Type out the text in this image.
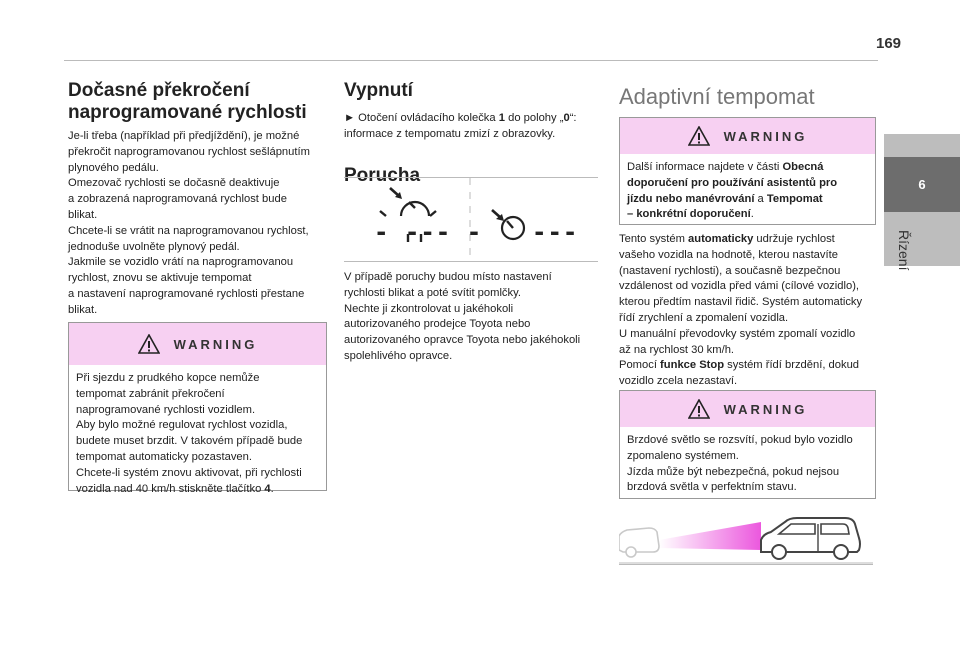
169
6
Řízení
Dočasné překročení
naprogramované rychlosti

Je-li třeba (například při předjíždění), je možné
překročit naprogramovanou rychlost sešlápnutím
plynového pedálu.
Omezovač rychlosti se dočasně deaktivuje
a zobrazená naprogramovaná rychlost bude
blikat.
Chcete-li se vrátit na naprogramovanou rychlost,
jednoduše uvolněte plynový pedál.
Jakmile se vozidlo vrátí na naprogramovanou
rychlost, znovu se aktivuje tempomat
a nastavení naprogramované rychlosti přestane
blikat.

WARNING
Při sjezdu z prudkého kopce nemůže
tempomat zabránit překročení
naprogramované rychlosti vozidlem.
Aby bylo možné regulovat rychlost vozidla,
budete muset brzdit. V takovém případě bude
tempomat automaticky pozastaven.
Chcete-li systém znovu aktivovat, při rychlosti
vozidla nad 40 km/h stiskněte tlačítko 4.
Vypnutí

► Otočení ovládacího kolečka 1 do polohy „0“:
informace z tempomatu zmizí z obrazovky.

Porucha
- --- - ---

V případě poruchy budou místo nastavení
rychlosti blikat a poté svítit pomlčky.
Nechte ji zkontrolovat u jakéhokoli
autorizovaného prodejce Toyota nebo
autorizovaného opravce Toyota nebo jakéhokoli
spolehlivého opravce.

Adaptivní tempomat
WARNING
Další informace najdete v části Obecná
doporučení pro používání asistentů pro
jízdu nebo manévrování a Tempomat
– konkrétní doporučení.

Tento systém automaticky udržuje rychlost
vašeho vozidla na hodnotě, kterou nastavíte
(nastavení rychlosti), a současně bezpečnou
vzdálenost od vozidla před vámi (cílové vozidlo),
kterou předtím nastavil řidič. Systém automaticky
řídí zrychlení a zpomalení vozidla.
U manuální převodovky systém zpomalí vozidlo
až na rychlost 30 km/h.
Pomocí funkce Stop systém řídí brzdění, dokud
vozidlo zcela nezastaví.

WARNING
Brzdové světlo se rozsvítí, pokud bylo vozidlo
zpomaleno systémem.
Jízda může být nebezpečná, pokud nejsou
brzdová světla v perfektním stavu.
